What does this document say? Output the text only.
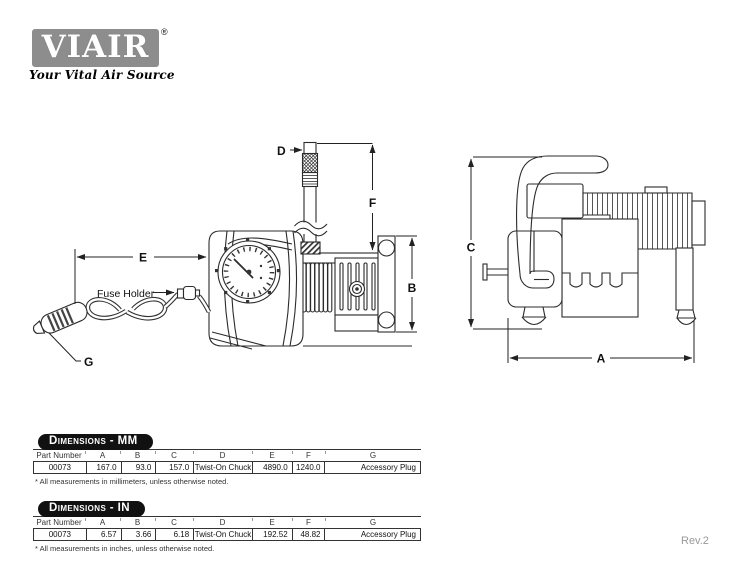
VIAIR	®
Your Vital Air Source
D
F
E
B
Fuse Holder
G
C
A
Dimensions - MM
Part Number	A	B	C	D	E	F	G
00073	167.0	93.0	157.0 Twist-On Chuck	4890.0	1240.0	Accessory Plug
* All measurements in millimeters, unless otherwise noted.
Dimensions - IN
Part Number	A	B	C	D	E	F	G
00073	6.57	3.66	6.18 Twist-On Chuck	192.52	48.82	Accessory Plug
* All measurements in inches, unless otherwise noted.
Rev.2
